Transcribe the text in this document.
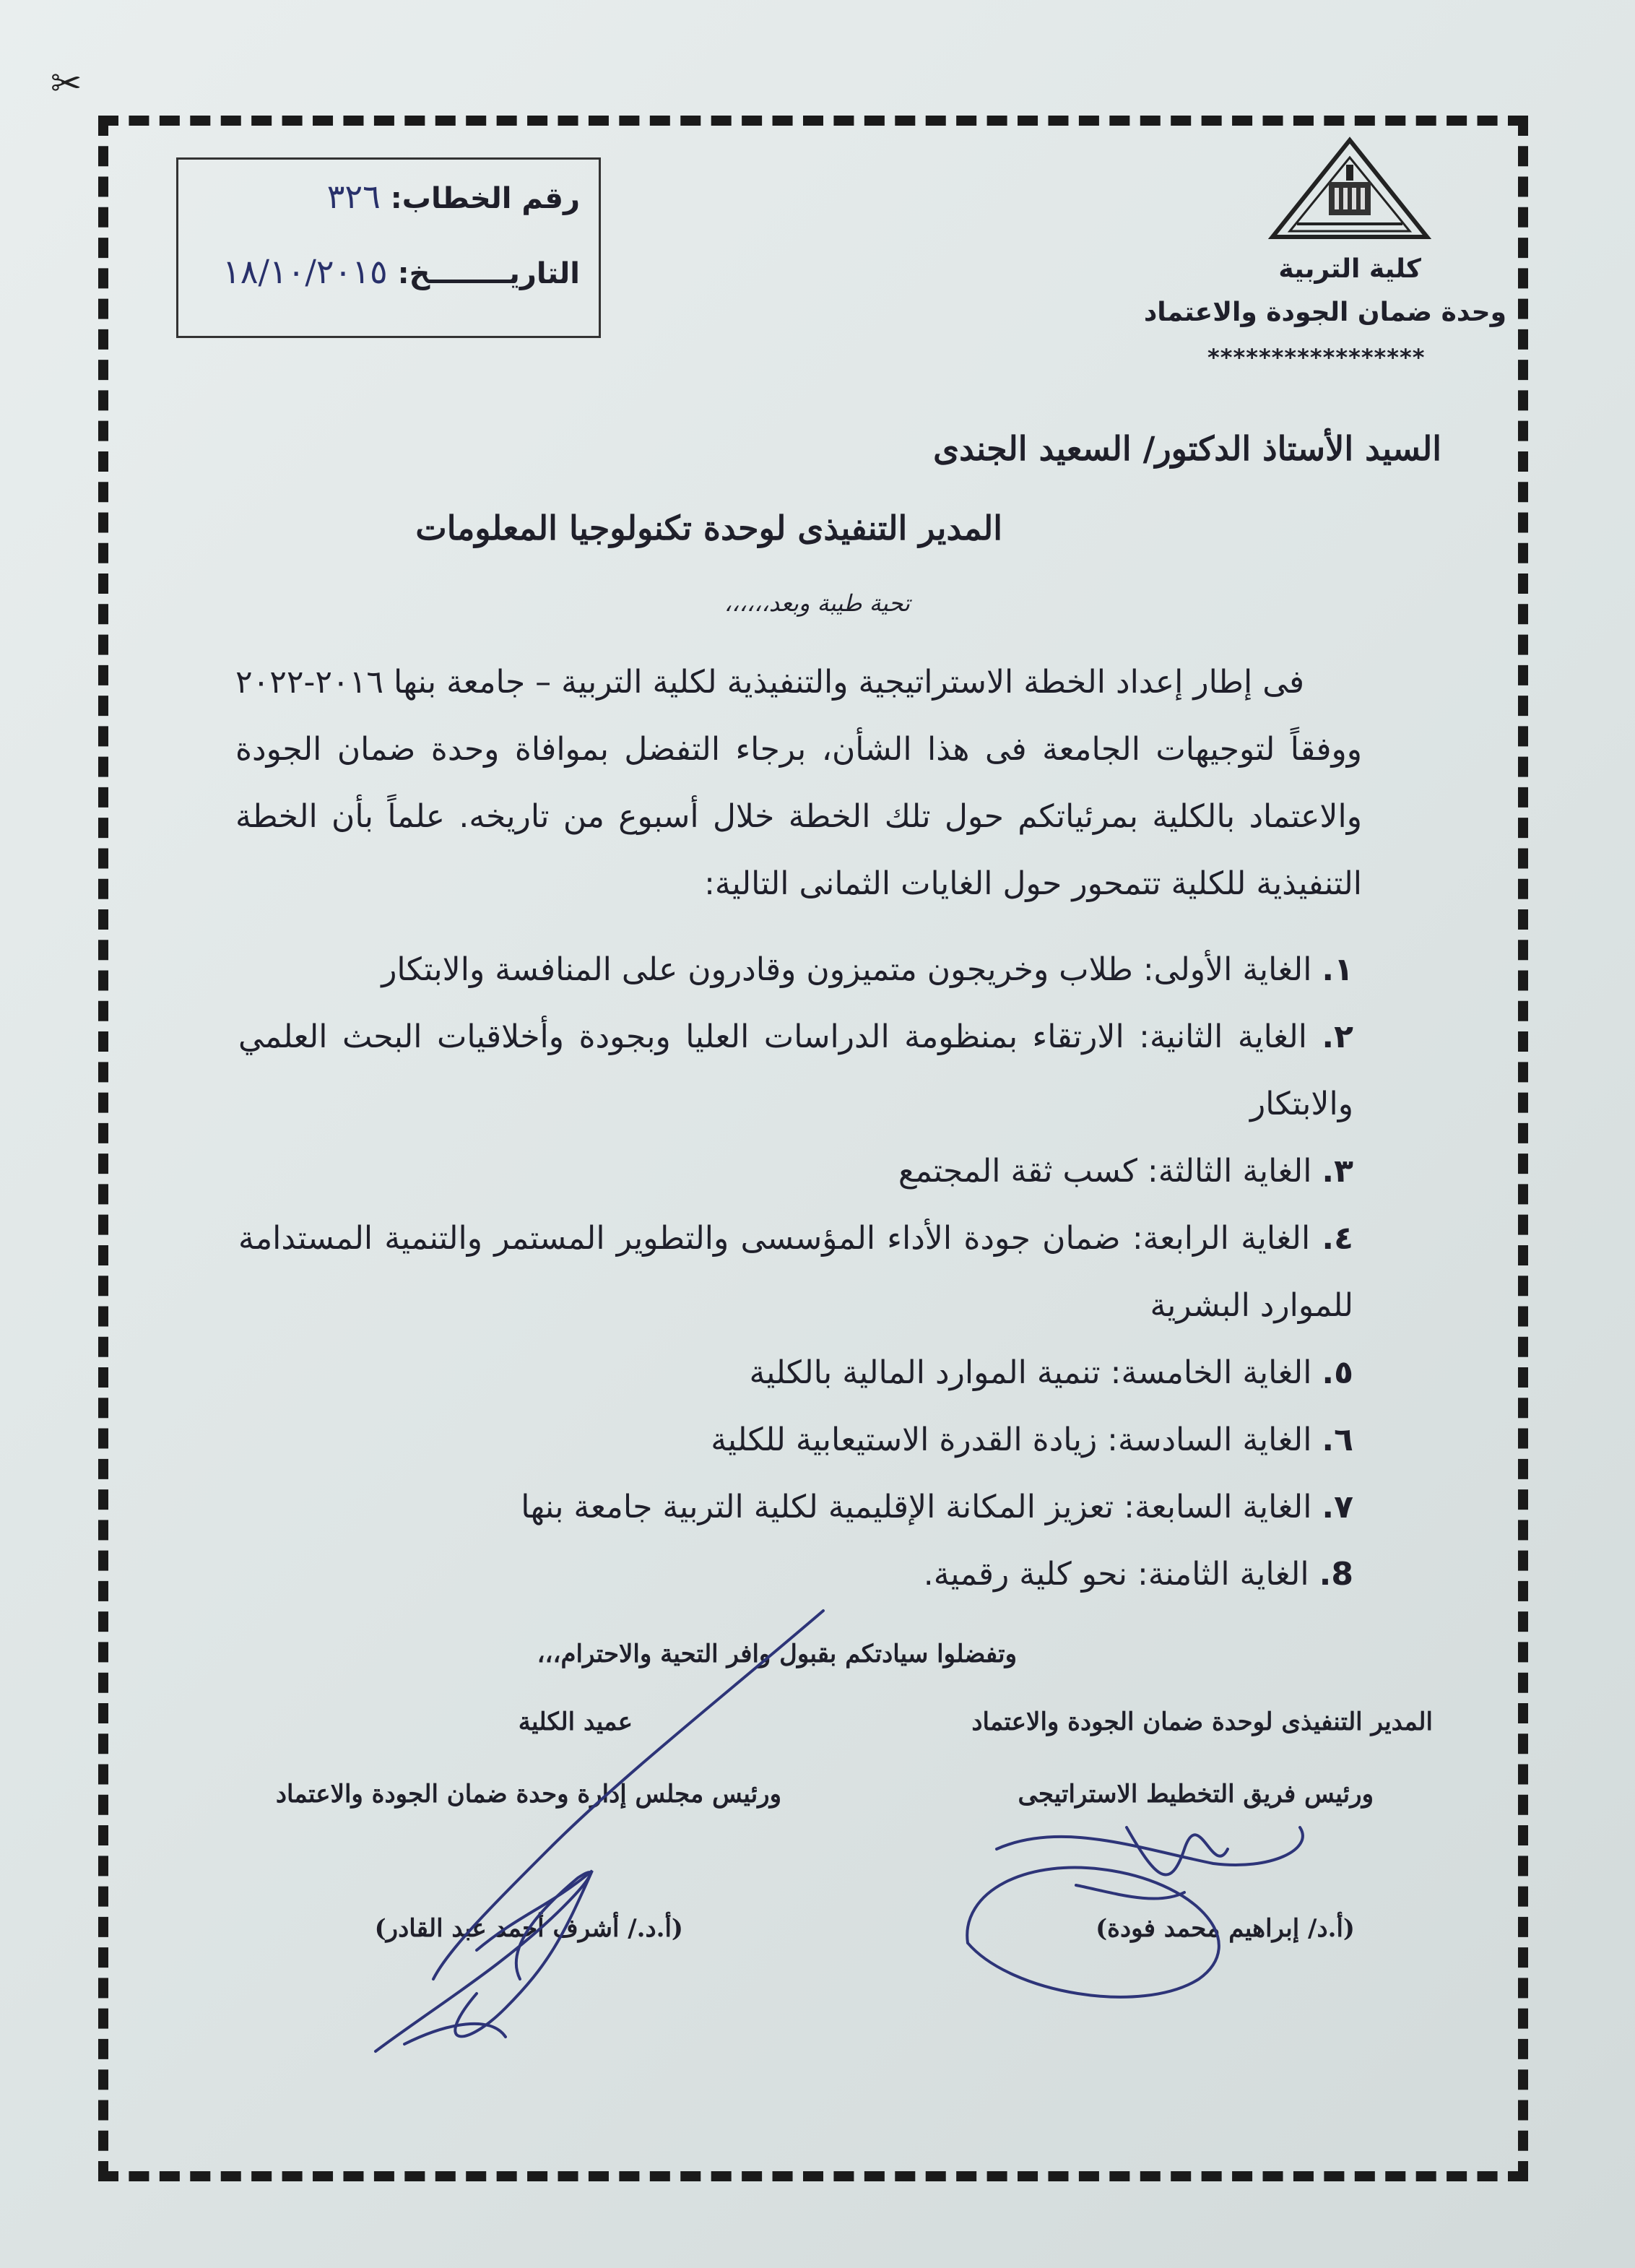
✂
رقم الخطاب: ٣٢٦
التاريــــــــخ: ١٨/١٠/٢٠١٥	كلية التربية
وحدة ضمان الجودة والاعتماد
*****************
السيد الأستاذ الدكتور/ السعيد الجندى
المدير التنفيذى لوحدة تكنولوجيا المعلومات
تحية طيبة وبعد،،،،،،

فى إطار إعداد الخطة الاستراتيجية والتنفيذية لكلية التربية – جامعة بنها ٢٠١٦-٢٠٢٢ ووفقاً لتوجيهات الجامعة فى هذا الشأن، برجاء التفضل بموافاة وحدة ضمان الجودة والاعتماد بالكلية بمرئياتكم حول تلك الخطة خلال أسبوع من تاريخه. علماً بأن الخطة التنفيذية للكلية تتمحور حول الغايات الثمانى التالية:

١. الغاية الأولى: طلاب وخريجون متميزون وقادرون على المنافسة والابتكار
٢. الغاية الثانية: الارتقاء بمنظومة الدراسات العليا وبجودة وأخلاقيات البحث العلمي والابتكار
٣. الغاية الثالثة: كسب ثقة المجتمع
٤. الغاية الرابعة: ضمان جودة الأداء المؤسسى والتطوير المستمر والتنمية المستدامة للموارد البشرية
٥. الغاية الخامسة: تنمية الموارد المالية بالكلية
٦. الغاية السادسة: زيادة القدرة الاستيعابية للكلية
٧. الغاية السابعة: تعزيز المكانة الإقليمية لكلية التربية جامعة بنها
8. الغاية الثامنة: نحو كلية رقمية.
وتفضلوا سيادتكم بقبول وافر التحية والاحترام،،،
المدير التنفيذى لوحدة ضمان الجودة والاعتماد
ورئيس فريق التخطيط الاستراتيجى
(أ.د/ إبراهيم محمد فودة)
عميد الكلية
ورئيس مجلس إدارة وحدة ضمان الجودة والاعتماد
(أ.د./ أشرف أحمد عبد القادر)
